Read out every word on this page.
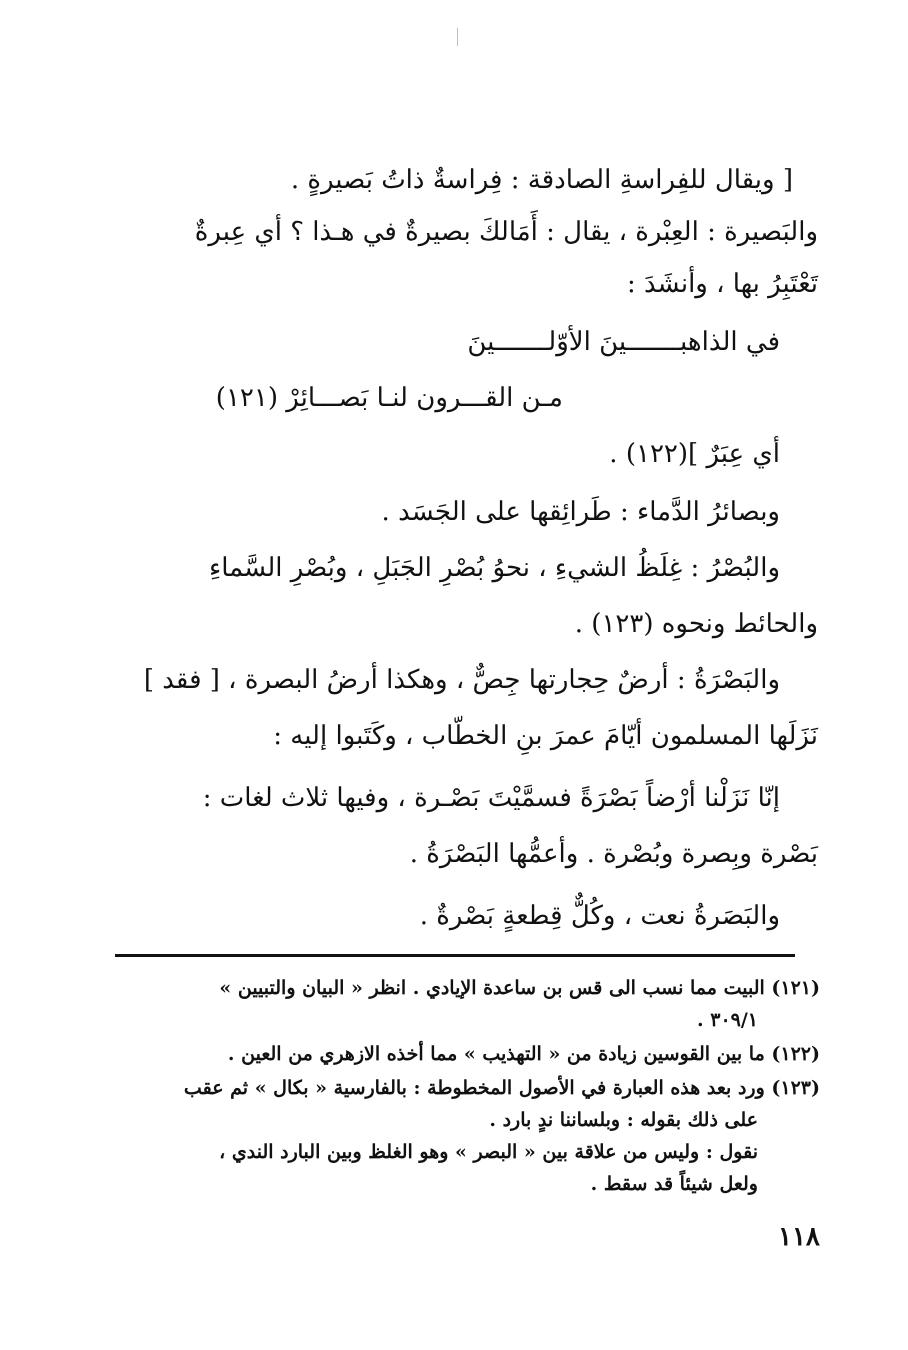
[ ويقال للفِراسةِ الصادقة : فِراسةٌ ذاتُ بَصيرةٍ .
والبَصيرة : العِبْرة ، يقال : أَمَالكَ بصيرةٌ في هـذا ؟ أي عِبرةٌ
تَعْتَبِرُ بها ، وأنشَدَ :
في الذاهبـــــــينَ الأوّلـــــــينَ
مـن القـــرون لنـا بَصـــائِرْ (١٢١)
أي عِبَرٌ ](١٢٢) .
وبصائرُ الدَّماء : طَرائِقها على الجَسَد .
والبُصْرُ : غِلَظُ الشيءِ ، نحوُ بُصْرِ الجَبَلِ ، وبُصْرِ السَّماءِ
والحائط ونحوه (١٢٣) .
والبَصْرَةُ : أرضٌ حِجارتها جِصٌّ ، وهكذا أرضُ البصرة ، [ فقد ]
نَزَلَها المسلمون أيّامَ عمرَ بنِ الخطّاب ، وكَتَبوا إليه :
إنّا نَزَلْنا أرْضاً بَصْرَةً فسمَّيْتَ بَصْـرة ، وفيها ثلاث لغات :
بَصْرة وبِصرة وبُصْرة . وأعمُّها البَصْرَةُ .
والبَصَرةُ نعت ، وكُلٌّ قِطعةٍ بَصْرةٌ .
(١٢١) البيت مما نسب الى قس بن ساعدة الإيادي . انظر « البيان والتبيين »
٣٠٩/١ .
(١٢٢) ما بين القوسين زيادة من « التهذيب » مما أخذه الازهري من العين .
(١٢٣) ورد بعد هذه العبارة في الأصول المخطوطة : بالفارسية « بكال » ثم عقب
على ذلك بقوله : وبلساننا ندٍ بارد .
نقول : وليس من علاقة بين « البصر » وهو الغلظ وبين البارد الندي ،
ولعل شيئاً قد سقط .
١١٨
